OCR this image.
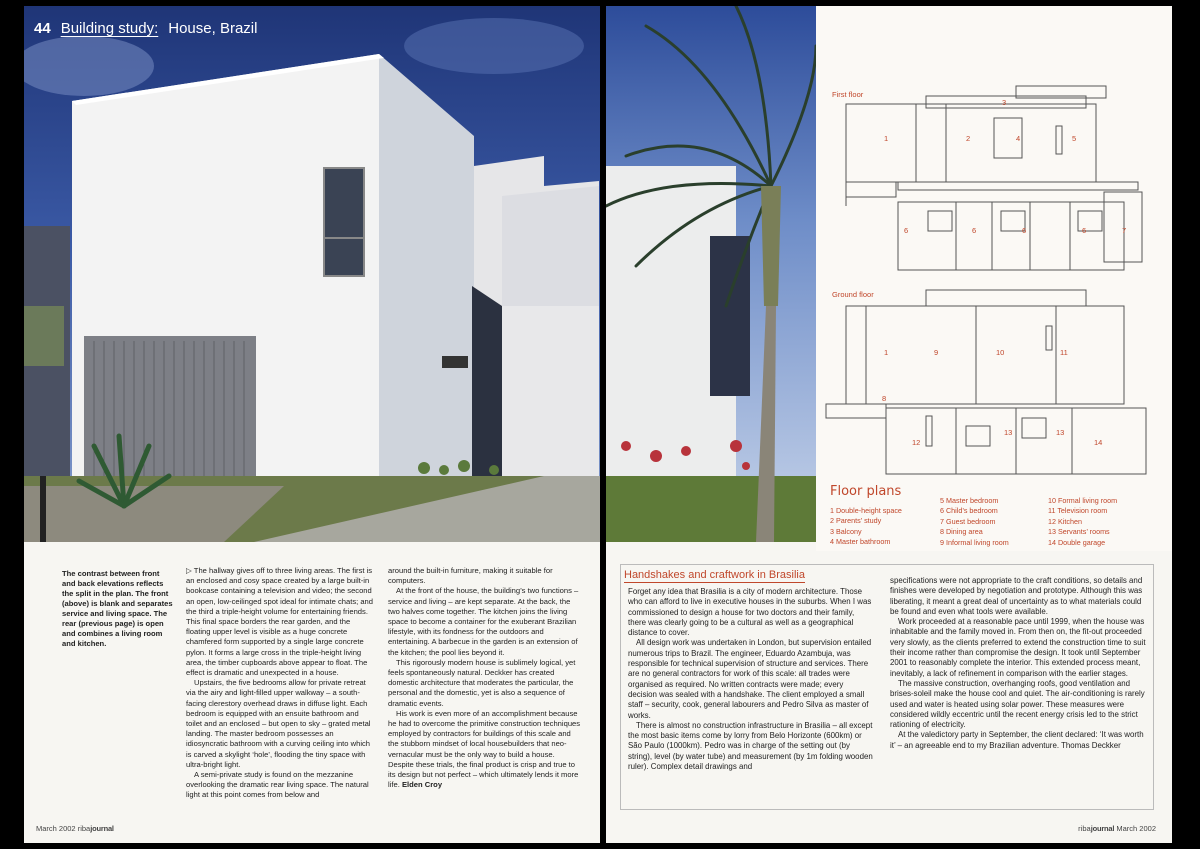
44 Building study: House, Brazil
The contrast between front and back elevations reflects the split in the plan. The front (above) is blank and separates service and living space. The rear (previous page) is open and combines a living room and kitchen.

▷ The hallway gives off to three living areas. The first is an enclosed and cosy space created by a large built-in bookcase containing a television and video; the second an open, low-ceilinged spot ideal for intimate chats; and the third a triple-height volume for entertaining friends. This final space borders the rear garden, and the floating upper level is visible as a huge concrete chamfered form supported by a single large concrete pylon. It forms a large cross in the triple-height living area, the timber cupboards above appear to float. The effect is dramatic and unexpected in a house.

Upstairs, the five bedrooms allow for private retreat via the airy and light-filled upper walkway – a south-facing clerestory overhead draws in diffuse light. Each bedroom is equipped with an ensuite bathroom and toilet and an enclosed – but open to sky – grated metal landing. The master bedroom possesses an idiosyncratic bathroom with a curving ceiling into which is carved a skylight ‘hole’, flooding the tiny space with ultra-bright light.

A semi-private study is found on the mezzanine overlooking the dramatic rear living space. The natural light at this point comes from below and

around the built-in furniture, making it suitable for computers.

At the front of the house, the building’s two functions – service and living – are kept separate. At the back, the two halves come together. The kitchen joins the living space to become a container for the exuberant Brazilian lifestyle, with its fondness for the outdoors and entertaining. A barbecue in the garden is an extension of the kitchen; the pool lies beyond it.

This rigorously modern house is sublimely logical, yet feels spontaneously natural. Deckker has created domestic architecture that moderates the particular, the personal and the domestic, yet is also a sequence of dramatic events.

His work is even more of an accomplishment because he had to overcome the primitive construction techniques employed by contractors for buildings of this scale and the stubborn mindset of local housebuilders that neo-vernacular must be the only way to build a house. Despite these trials, the final product is crisp and true to its design but not perfect – which ultimately lends it more life. Elden Croy

March 2002 ribajournal
First floor
Ground floor
1	2
3
4	5
6	6	6	6	7
1	9	10	11
8
12
13	13
14
Floor plans
1 Double-height space
2 Parents’ study
3 Balcony
4 Master bathroom
5 Master bedroom
6 Child’s bedroom
7 Guest bedroom
8 Dining area
9 Informal living room
10 Formal living room
11 Television room
12 Kitchen
13 Servants’ rooms
14 Double garage
Handshakes and craftwork in Brasilia

Forget any idea that Brasilia is a city of modern architecture. Those who can afford to live in executive houses in the suburbs. When I was commissioned to design a house for two doctors and their family, there was clearly going to be a cultural as well as a geographical distance to cover.

All design work was undertaken in London, but supervision entailed numerous trips to Brazil. The engineer, Eduardo Azambuja, was responsible for technical supervision of structure and services. There are no general contractors for work of this scale: all trades were organised as required. No written contracts were made; every decision was sealed with a handshake. The client employed a small staff – security, cook, general labourers and Pedro Silva as master of works.

There is almost no construction infrastructure in Brasilia – all except the most basic items come by lorry from Belo Horizonte (600km) or São Paulo (1000km). Pedro was in charge of the setting out (by string), level (by water tube) and measurement (by 1m folding wooden ruler). Complex detail drawings and

specifications were not appropriate to the craft conditions, so details and finishes were developed by negotiation and prototype. Although this was liberating, it meant a great deal of uncertainty as to what materials could be found and even what tools were available.

Work proceeded at a reasonable pace until 1999, when the house was inhabitable and the family moved in. From then on, the fit-out proceeded very slowly, as the clients preferred to extend the construction time to suit their income rather than compromise the design. It took until September 2001 to reasonably complete the interior. This extended process meant, inevitably, a lack of refinement in comparison with the earlier stages.

The massive construction, overhanging roofs, good ventilation and brises-soleil make the house cool and quiet. The air-conditioning is rarely used and water is heated using solar power. These measures were considered wildly eccentric until the recent energy crisis led to the strict rationing of electricity.

At the valedictory party in September, the client declared: ‘It was worth it’ – an agreeable end to my Brazilian adventure. Thomas Deckker

ribajournal March 2002
